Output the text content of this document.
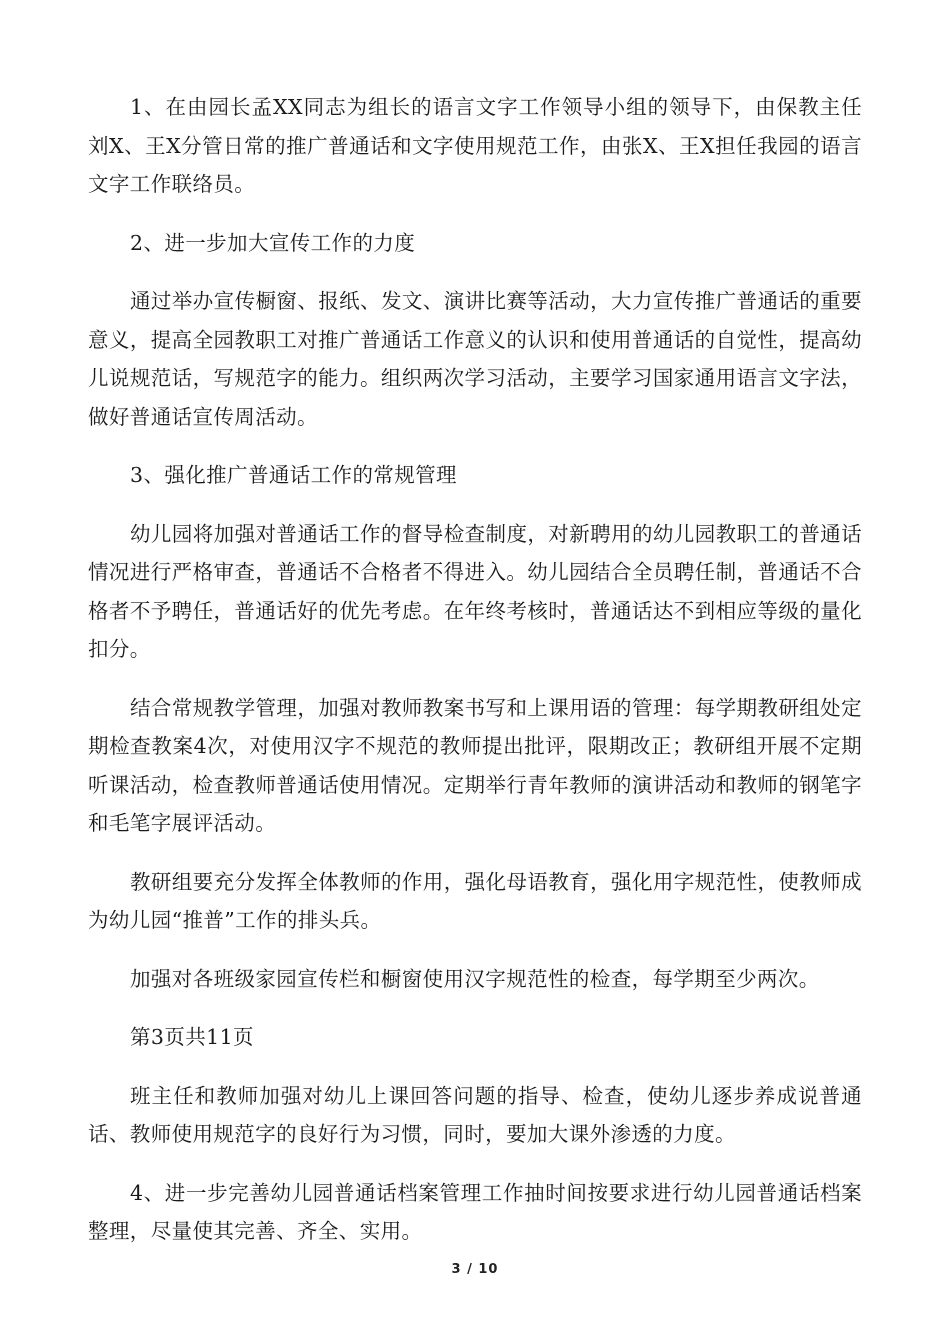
1、在由园长孟XX同志为组长的语言文字工作领导小组的领导下，由保教主任刘X、王X分管日常的推广普通话和文字使用规范工作，由张X、王X担任我园的语言文字工作联络员。

2、进一步加大宣传工作的力度

通过举办宣传橱窗、报纸、发文、演讲比赛等活动，大力宣传推广普通话的重要意义，提高全园教职工对推广普通话工作意义的认识和使用普通话的自觉性，提高幼儿说规范话，写规范字的能力。组织两次学习活动，主要学习国家通用语言文字法，做好普通话宣传周活动。

3、强化推广普通话工作的常规管理

幼儿园将加强对普通话工作的督导检查制度，对新聘用的幼儿园教职工的普通话情况进行严格审查，普通话不合格者不得进入。幼儿园结合全员聘任制，普通话不合格者不予聘任，普通话好的优先考虑。在年终考核时，普通话达不到相应等级的量化扣分。

结合常规教学管理，加强对教师教案书写和上课用语的管理：每学期教研组处定期检查教案4次，对使用汉字不规范的教师提出批评，限期改正；教研组开展不定期听课活动，检查教师普通话使用情况。定期举行青年教师的演讲活动和教师的钢笔字和毛笔字展评活动。

教研组要充分发挥全体教师的作用，强化母语教育，强化用字规范性，使教师成为幼儿园“推普”工作的排头兵。

加强对各班级家园宣传栏和橱窗使用汉字规范性的检查，每学期至少两次。

第3页共11页

班主任和教师加强对幼儿上课回答问题的指导、检查，使幼儿逐步养成说普通话、教师使用规范字的良好行为习惯，同时，要加大课外渗透的力度。

4、进一步完善幼儿园普通话档案管理工作抽时间按要求进行幼儿园普通话档案整理，尽量使其完善、齐全、实用。

3 / 10
